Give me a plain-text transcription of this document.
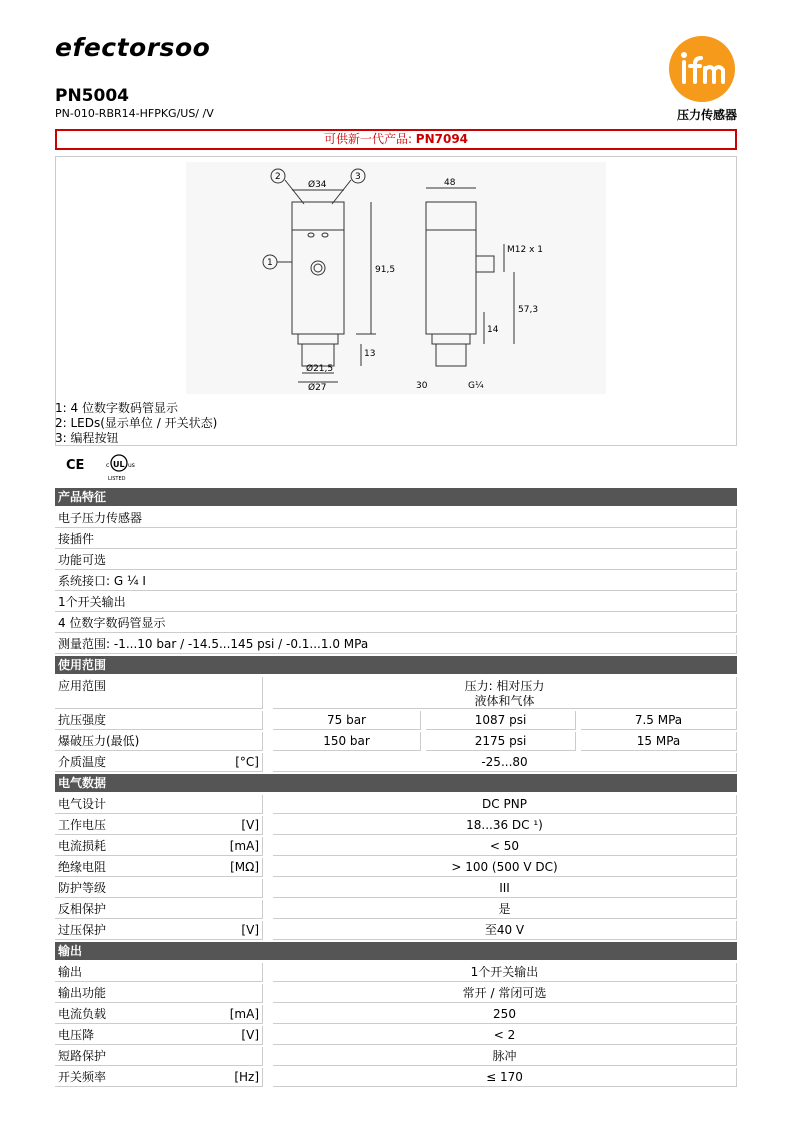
efectorsoo
压力传感器
PN5004
PN-010-RBR14-HFPKG/US/ /V
可供新一代产品: PN7094
2	3
1
Ø34	48
91,5
M12 x 1
57,3
13
14
Ø21,5
Ø27	30	G¼
1: 4 位数字数码管显示
2: LEDs(显示单位 / 开关状态)
3: 编程按钮
CE	UL
c	us
LISTED
产品特征
电子压力传感器
接插件
功能可选
系统接口: G ¼ I
1个开关输出
4 位数字数码管显示
测量范围: -1...10 bar / -14.5...145 psi / -0.1...1.0 MPa
使用范围
应用范围	压力: 相对压力
液体和气体
抗压强度	75 bar	1087 psi	7.5 MPa
爆破压力(最低)	150 bar	2175 psi	15 MPa
介质温度	[°C]	-25...80
电气数据
电气设计	DC PNP
工作电压	[V]	18...36 DC ¹)
电流损耗	[mA]	< 50
绝缘电阻	[MΩ]	> 100 (500 V DC)
防护等级	III
反相保护	是
过压保护	[V]	至40 V
输出
输出	1个开关输出
输出功能	常开 / 常闭可选
电流负载	[mA]	250
电压降	[V]	< 2
短路保护	脉冲
开关频率	[Hz]	≤ 170
